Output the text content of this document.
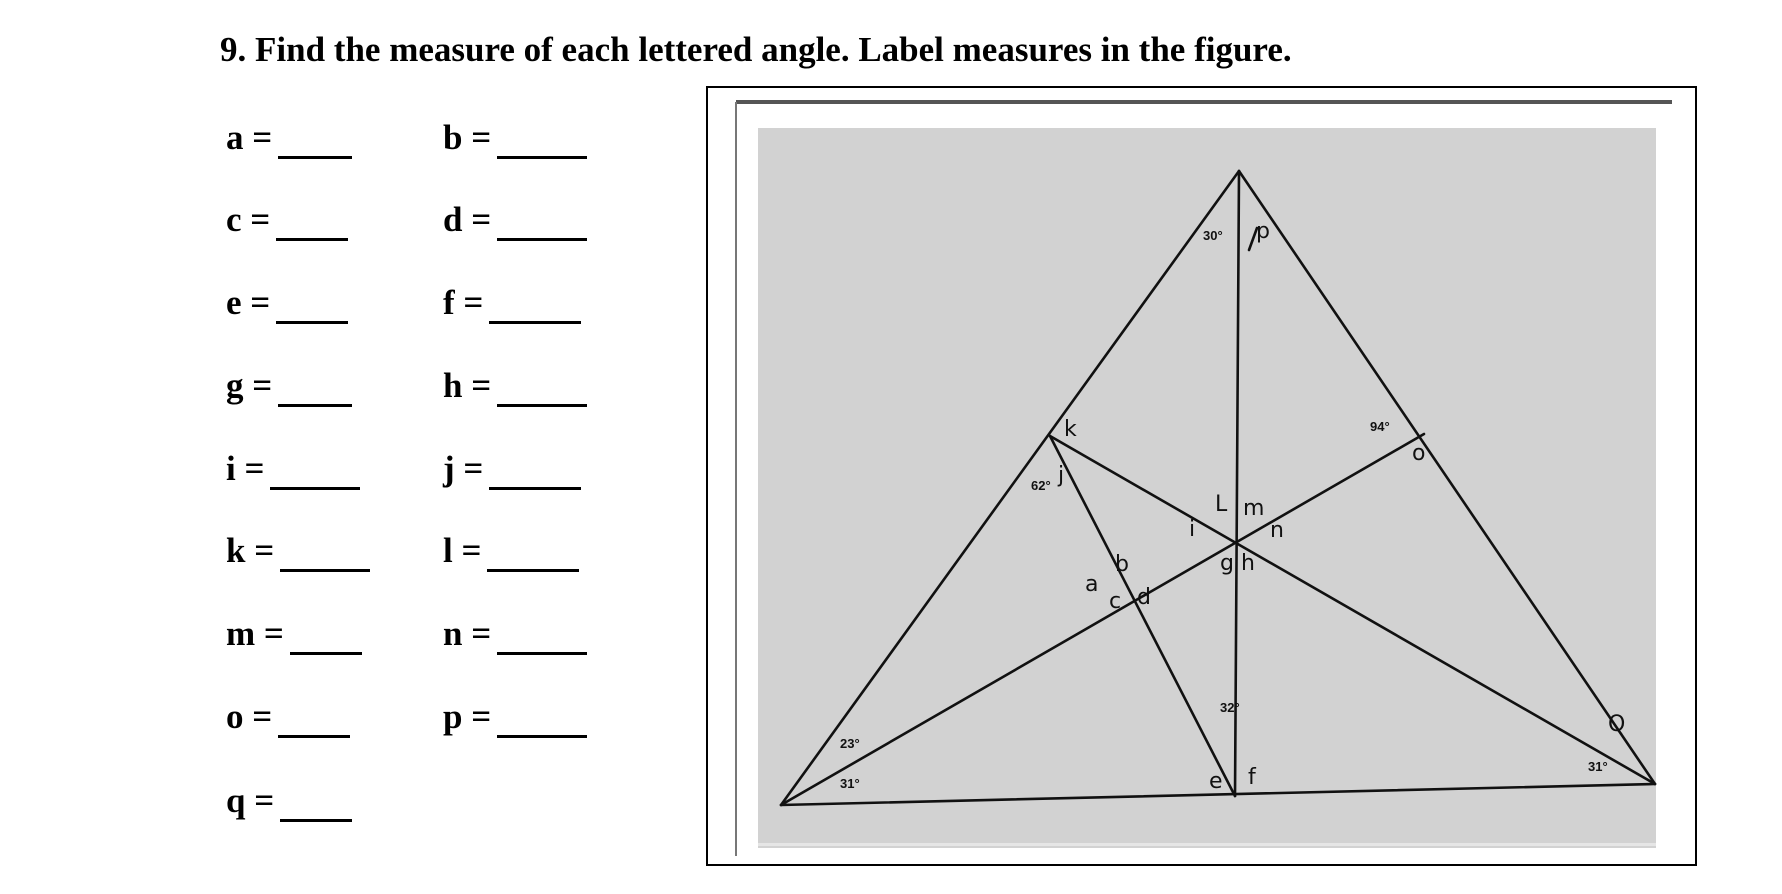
9. Find the measure of each lettered angle. Label measures in the figure.
a =
c =
e =
g =
i =
k =
m =
o =
q =
b =
d =
f =
h =
j =
l =
n =
p =
30°
62°
94°
32°
23°
31°
31°
p
k
j
o
L m
i	n
g h
b
a
c d
e f
Q
